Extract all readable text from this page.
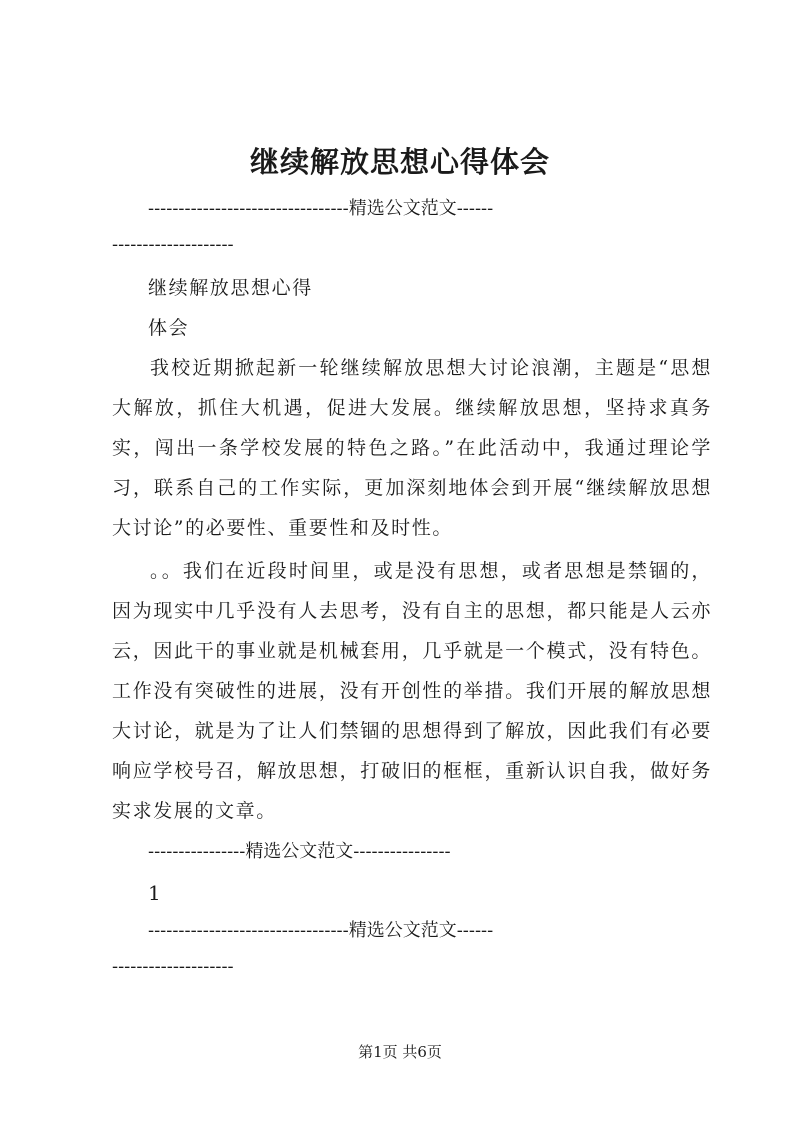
继续解放思想心得体会
---------------------------------精选公文范文------
--------------------
继续解放思想心得
体会
我校近期掀起新一轮继续解放思想大讨论浪潮，主题是“思想大解放，抓住大机遇，促进大发展。继续解放思想，坚持求真务实，闯出一条学校发展的特色之路。”在此活动中，我通过理论学习，联系自己的工作实际，更加深刻地体会到开展“继续解放思想大讨论”的必要性、重要性和及时性。
。。我们在近段时间里，或是没有思想，或者思想是禁锢的，因为现实中几乎没有人去思考，没有自主的思想，都只能是人云亦云，因此干的事业就是机械套用，几乎就是一个模式，没有特色。工作没有突破性的进展，没有开创性的举措。我们开展的解放思想大讨论，就是为了让人们禁锢的思想得到了解放，因此我们有必要响应学校号召，解放思想，打破旧的框框，重新认识自我，做好务实求发展的文章。
----------------精选公文范文----------------
1
---------------------------------精选公文范文------
--------------------
第1页 共6页
